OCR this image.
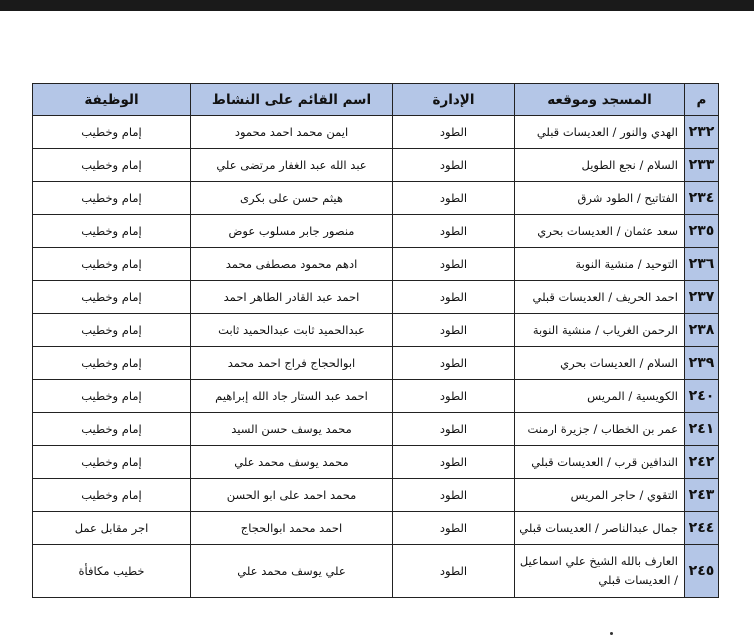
م	المسجد وموقعه	الإدارة	اسم القائم على النشاط	الوظيفة
٢٣٢	الهدي والنور / العديسات قبلي	الطود	ايمن محمد احمد محمود	إمام وخطيب
٢٣٣	السلام / نجع الطويل	الطود	عبد الله عبد الغفار مرتضى علي	إمام وخطيب
٢٣٤	الفتاتيح / الطود شرق	الطود	هيثم حسن على بكرى	إمام وخطيب
٢٣٥	سعد عثمان / العديسات بحري	الطود	منصور جابر مسلوب عوض	إمام وخطيب
٢٣٦	التوحيد / منشية النوبة	الطود	ادهم محمود مصطفى محمد	إمام وخطيب
٢٣٧	احمد الحريف / العديسات قبلي	الطود	احمد عبد القادر الطاهر احمد	إمام وخطيب
٢٣٨	الرحمن الغرياب / منشية النوبة	الطود	عبدالحميد ثابت عبدالحميد ثابت	إمام وخطيب
٢٣٩	السلام / العديسات بحري	الطود	ابوالحجاج فراج احمد محمد	إمام وخطيب
٢٤٠	الكويسية / المريس	الطود	احمد عبد الستار جاد الله إبراهيم	إمام وخطيب
٢٤١	عمر بن الخطاب / جزيرة ارمنت	الطود	محمد يوسف حسن السيد	إمام وخطيب
٢٤٢	الندافين قرب / العديسات قبلي	الطود	محمد يوسف محمد علي	إمام وخطيب
٢٤٣	التقوي / حاجر المريس	الطود	محمد احمد على ابو الحسن	إمام وخطيب
٢٤٤	جمال عبدالناصر / العديسات قبلي	الطود	احمد محمد ابوالحجاج	اجر مقابل عمل
٢٤٥	العارف بالله الشيخ علي اسماعيل / العديسات قبلي	الطود	علي يوسف محمد علي	خطيب مكافأة
